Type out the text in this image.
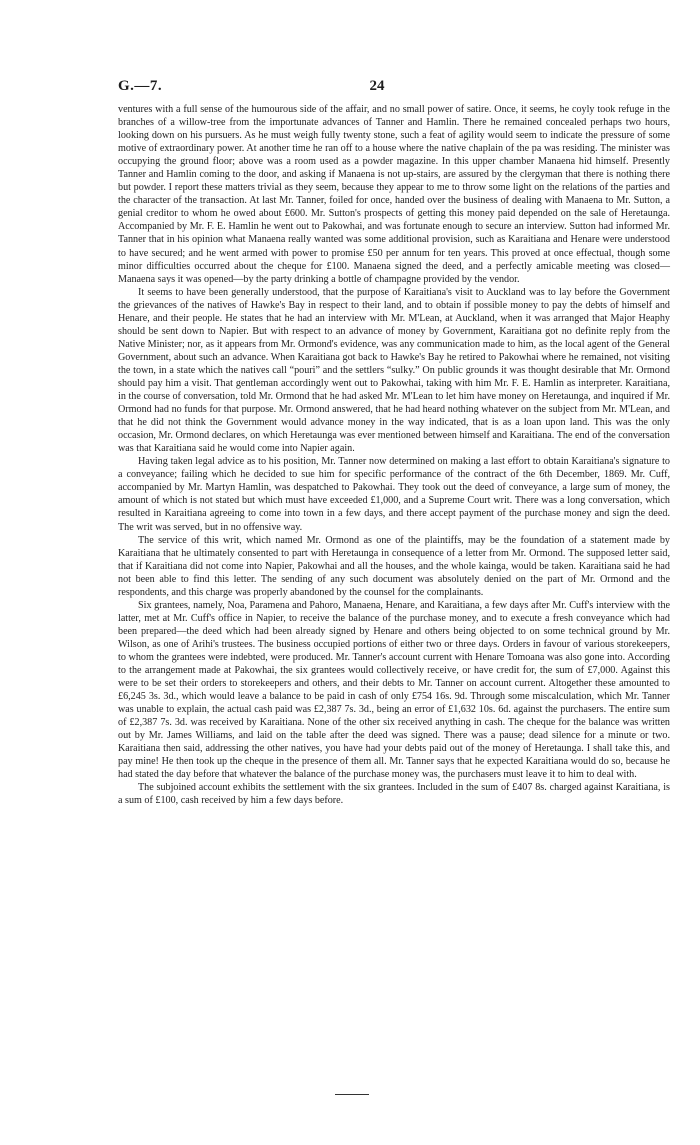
G.—7.	24

ventures with a full sense of the humourous side of the affair, and no small power of satire. Once, it seems, he coyly took refuge in the branches of a willow-tree from the importunate advances of Tanner and Hamlin. There he remained concealed perhaps two hours, looking down on his pursuers. As he must weigh fully twenty stone, such a feat of agility would seem to indicate the pressure of some motive of extraordinary power. At another time he ran off to a house where the native chaplain of the pa was residing. The minister was occupying the ground floor; above was a room used as a powder magazine. In this upper chamber Manaena hid himself. Presently Tanner and Hamlin coming to the door, and asking if Manaena is not up-stairs, are assured by the clergyman that there is nothing there but powder. I report these matters trivial as they seem, because they appear to me to throw some light on the relations of the parties and the character of the transaction. At last Mr. Tanner, foiled for once, handed over the business of dealing with Manaena to Mr. Sutton, a genial creditor to whom he owed about £600. Mr. Sutton's prospects of getting this money paid depended on the sale of Heretaunga. Accompanied by Mr. F. E. Hamlin he went out to Pakowhai, and was fortunate enough to secure an interview. Sutton had informed Mr. Tanner that in his opinion what Manaena really wanted was some additional provision, such as Karaitiana and Henare were understood to have secured; and he went armed with power to promise £50 per annum for ten years. This proved at once effectual, though some minor difficulties occurred about the cheque for £100. Manaena signed the deed, and a perfectly amicable meeting was closed—Manaena says it was opened—by the party drinking a bottle of champagne provided by the vendor.

It seems to have been generally understood, that the purpose of Karaitiana's visit to Auckland was to lay before the Government the grievances of the natives of Hawke's Bay in respect to their land, and to obtain if possible money to pay the debts of himself and Henare, and their people. He states that he had an interview with Mr. M'Lean, at Auckland, when it was arranged that Major Heaphy should be sent down to Napier. But with respect to an advance of money by Government, Karaitiana got no definite reply from the Native Minister; nor, as it appears from Mr. Ormond's evidence, was any communication made to him, as the local agent of the General Government, about such an advance. When Karaitiana got back to Hawke's Bay he retired to Pakowhai where he remained, not visiting the town, in a state which the natives call “pouri” and the settlers “sulky.” On public grounds it was thought desirable that Mr. Ormond should pay him a visit. That gentleman accordingly went out to Pakowhai, taking with him Mr. F. E. Hamlin as interpreter. Karaitiana, in the course of conversation, told Mr. Ormond that he had asked Mr. M'Lean to let him have money on Heretaunga, and inquired if Mr. Ormond had no funds for that purpose. Mr. Ormond answered, that he had heard nothing whatever on the subject from Mr. M'Lean, and that he did not think the Government would advance money in the way indicated, that is as a loan upon land. This was the only occasion, Mr. Ormond declares, on which Heretaunga was ever mentioned between himself and Karaitiana. The end of the conversation was that Karaitiana said he would come into Napier again.

Having taken legal advice as to his position, Mr. Tanner now determined on making a last effort to obtain Karaitiana's signature to a conveyance; failing which he decided to sue him for specific performance of the contract of the 6th December, 1869. Mr. Cuff, accompanied by Mr. Martyn Hamlin, was despatched to Pakowhai. They took out the deed of conveyance, a large sum of money, the amount of which is not stated but which must have exceeded £1,000, and a Supreme Court writ. There was a long conversation, which resulted in Karaitiana agreeing to come into town in a few days, and there accept payment of the purchase money and sign the deed. The writ was served, but in no offensive way.

The service of this writ, which named Mr. Ormond as one of the plaintiffs, may be the foundation of a statement made by Karaitiana that he ultimately consented to part with Heretaunga in consequence of a letter from Mr. Ormond. The supposed letter said, that if Karaitiana did not come into Napier, Pakowhai and all the houses, and the whole kainga, would be taken. Karaitiana said he had not been able to find this letter. The sending of any such document was absolutely denied on the part of Mr. Ormond and the respondents, and this charge was properly abandoned by the counsel for the complainants.

Six grantees, namely, Noa, Paramena and Pahoro, Manaena, Henare, and Karaitiana, a few days after Mr. Cuff's interview with the latter, met at Mr. Cuff's office in Napier, to receive the balance of the purchase money, and to execute a fresh conveyance which had been prepared—the deed which had been already signed by Henare and others being objected to on some technical ground by Mr. Wilson, as one of Arihi's trustees. The business occupied portions of either two or three days. Orders in favour of various storekeepers, to whom the grantees were indebted, were produced. Mr. Tanner's account current with Henare Tomoana was also gone into. According to the arrangement made at Pakowhai, the six grantees would collectively receive, or have credit for, the sum of £7,000. Against this were to be set their orders to storekeepers and others, and their debts to Mr. Tanner on account current. Altogether these amounted to £6,245 3s. 3d., which would leave a balance to be paid in cash of only £754 16s. 9d. Through some miscalculation, which Mr. Tanner was unable to explain, the actual cash paid was £2,387 7s. 3d., being an error of £1,632 10s. 6d. against the purchasers. The entire sum of £2,387 7s. 3d. was received by Karaitiana. None of the other six received anything in cash. The cheque for the balance was written out by Mr. James Williams, and laid on the table after the deed was signed. There was a pause; dead silence for a minute or two. Karaitiana then said, addressing the other natives, you have had your debts paid out of the money of Heretaunga. I shall take this, and pay mine! He then took up the cheque in the presence of them all. Mr. Tanner says that he expected Karaitiana would do so, because he had stated the day before that whatever the balance of the purchase money was, the purchasers must leave it to him to deal with.

The subjoined account exhibits the settlement with the six grantees. Included in the sum of £407 8s. charged against Karaitiana, is a sum of £100, cash received by him a few days before.
